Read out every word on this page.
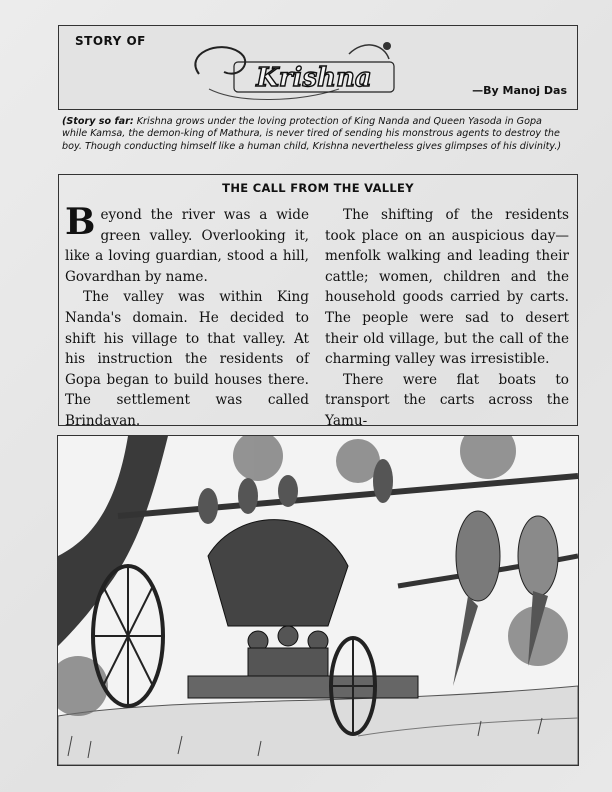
STORY OF
Krishna	—By Manoj Das
(Story so far: Krishna grows under the loving protection of King Nanda and Queen Yasoda in Gopa while Kamsa, the demon-king of Mathura, is never tired of sending his monstrous agents to destroy the boy. Though conducting himself like a human child, Krishna nevertheless gives glimpses of his divinity.)
THE CALL FROM THE VALLEY

Beyond the river was a wide green valley. Overlooking it, like a loving guardian, stood a hill, Govardhan by name.

The valley was within King Nanda's domain. He decided to shift his village to that valley. At his instruction the residents of Gopa began to build houses there. The settlement was called Brindavan.

The shifting of the residents took place on an auspicious day—menfolk walking and leading their cattle; women, children and the household goods carried by carts. The people were sad to desert their old village, but the call of the charming valley was irresistible.

There were flat boats to transport the carts across the Yamu-
